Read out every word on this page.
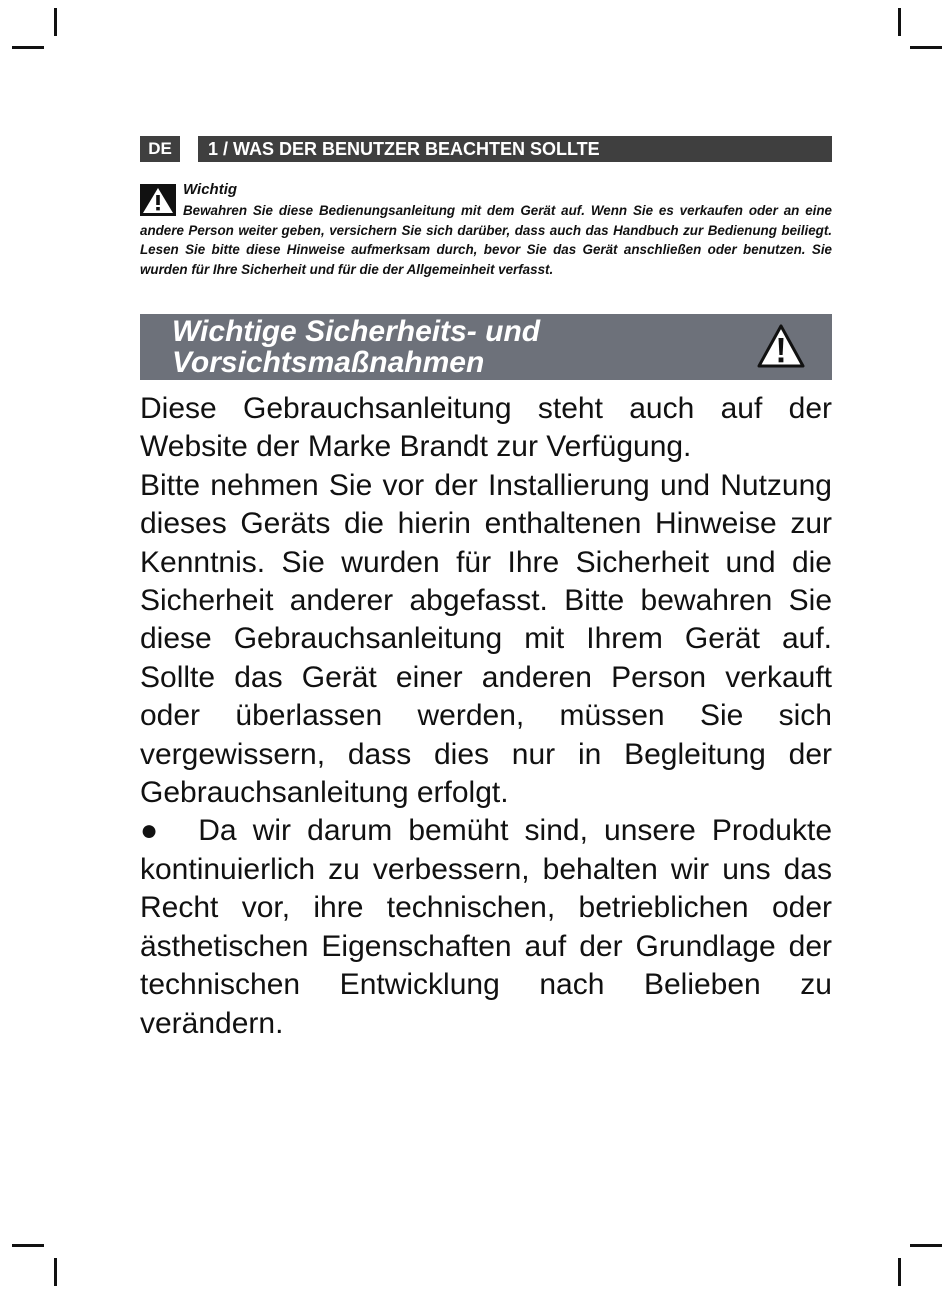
DE	1 / WAS DER BENUTZER BEACHTEN SOLLTE
Wichtig

Bewahren Sie diese Bedienungsanleitung mit dem Gerät auf. Wenn Sie es verkaufen oder an eine andere Person weiter geben, versichern Sie sich darüber, dass auch das Handbuch zur Bedienung beiliegt. Lesen Sie bitte diese Hinweise aufmerksam durch, bevor Sie das Gerät anschließen oder benutzen. Sie wurden für Ihre Sicherheit und für die der Allgemeinheit verfasst.

Wichtige Sicherheits- und
Vorsichtsmaßnahmen

Diese Gebrauchsanleitung steht auch auf der Website der Marke Brandt zur Verfügung.

Bitte nehmen Sie vor der Installierung und Nutzung dieses Geräts die hierin enthaltenen Hinweise zur Kenntnis. Sie wurden für Ihre Sicherheit und die Sicherheit anderer abgefasst. Bitte bewahren Sie diese Gebrauchsanleitung mit Ihrem Gerät auf. Sollte das Gerät einer anderen Person verkauft oder überlassen werden, müssen Sie sich vergewissern, dass dies nur in Begleitung der Gebrauchsanleitung erfolgt.

● Da wir darum bemüht sind, unsere Produkte kontinuierlich zu verbessern, behalten wir uns das Recht vor, ihre technischen, betrieblichen oder ästhetischen Eigenschaften auf der Grundlage der technischen Entwicklung nach Belieben zu verändern.
